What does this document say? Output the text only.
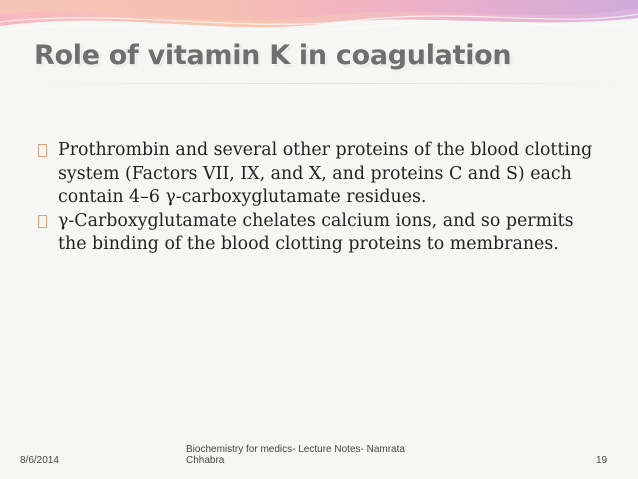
Role of vitamin K in coagulation
Prothrombin and several other proteins of the blood clotting system (Factors VII, IX, and X, and proteins C and S) each contain 4–6 γ-carboxyglutamate residues.
γ-Carboxyglutamate chelates calcium ions, and so permits the binding of the blood clotting proteins to membranes.
8/6/2014
Biochemistry for medics- Lecture Notes- Namrata Chhabra	19
